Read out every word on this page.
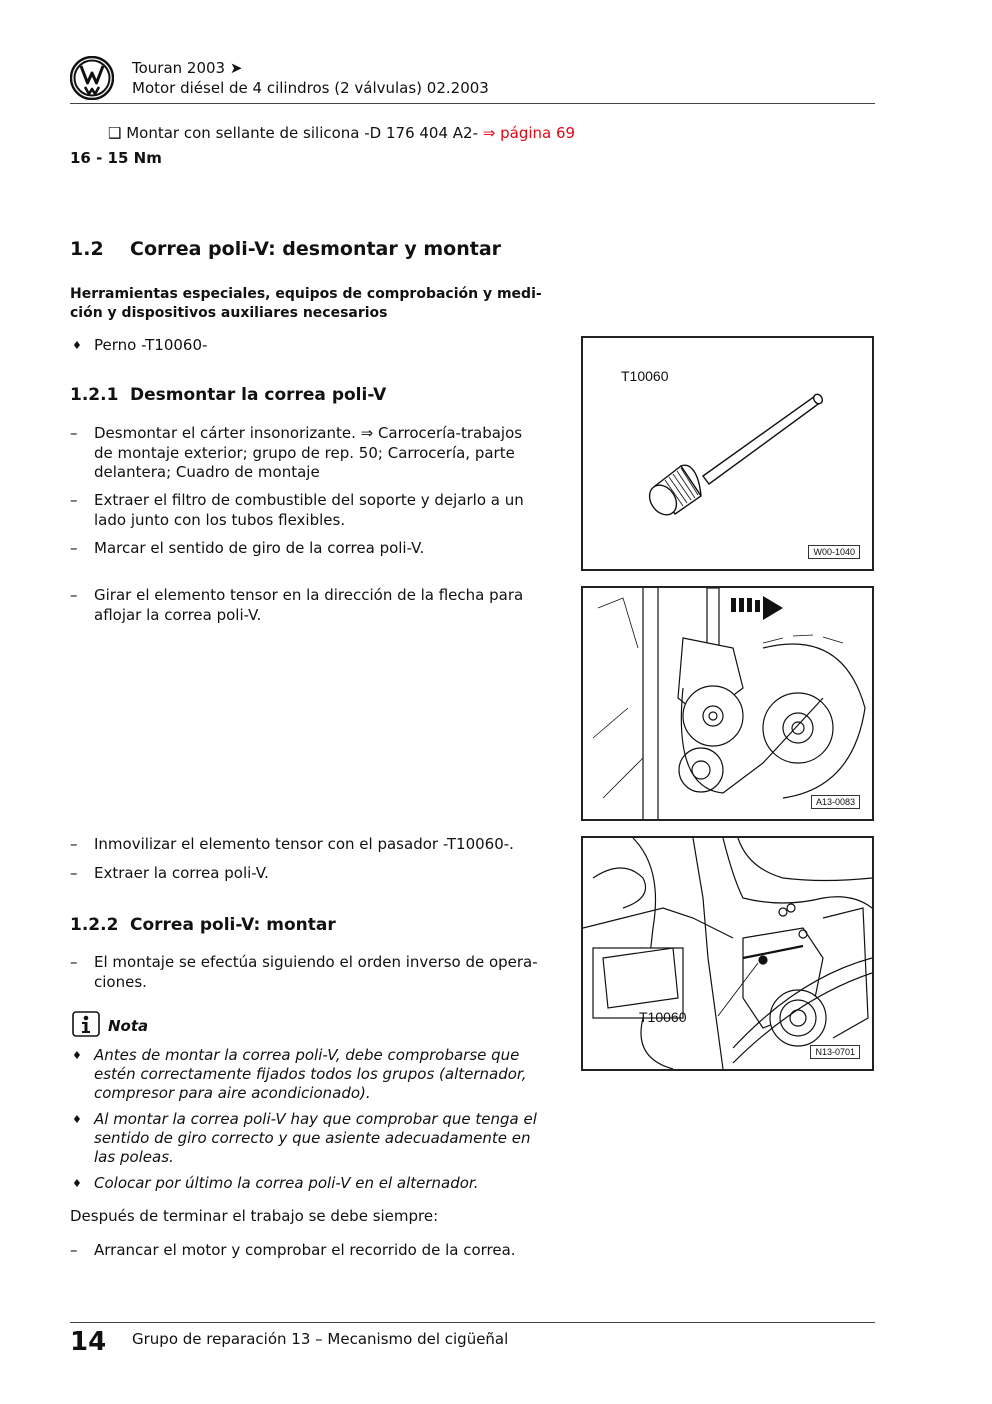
Touran 2003 ➤
Motor diésel de 4 cilindros (2 válvulas) 02.2003
❑ Montar con sellante de silicona -D 176 404 A2- ⇒ página 69
16 - 15 Nm
1.2 Correa poli-V: desmontar y montar
Herramientas especiales, equipos de comprobación y medi-
ción y dispositivos auxiliares necesarios
♦ Perno -T10060-
1.2.1 Desmontar la correa poli-V
–	Desmontar el cárter insonorizante. ⇒ Carrocería-trabajos
de montaje exterior; grupo de rep. 50; Carrocería, parte
delantera; Cuadro de montaje
–	Extraer el filtro de combustible del soporte y dejarlo a un
lado junto con los tubos flexibles.
–	Marcar el sentido de giro de la correa poli-V.
–	Girar el elemento tensor en la dirección de la flecha para
aflojar la correa poli-V.
–	Inmovilizar el elemento tensor con el pasador -T10060-.
–	Extraer la correa poli-V.
1.2.2 Correa poli-V: montar
–	El montaje se efectúa siguiendo el orden inverso de opera-
ciones.
Nota
♦ Antes de montar la correa poli-V, debe comprobarse que
estén correctamente fijados todos los grupos (alternador,
compresor para aire acondicionado).
♦ Al montar la correa poli-V hay que comprobar que tenga el
sentido de giro correcto y que asiente adecuadamente en
las poleas.
♦ Colocar por último la correa poli-V en el alternador.
Después de terminar el trabajo se debe siempre:
–	Arrancar el motor y comprobar el recorrido de la correa.
T10060
W00-1040
A13-0083
T10060
N13-0701
14 Grupo de reparación 13 – Mecanismo del cigüeñal
